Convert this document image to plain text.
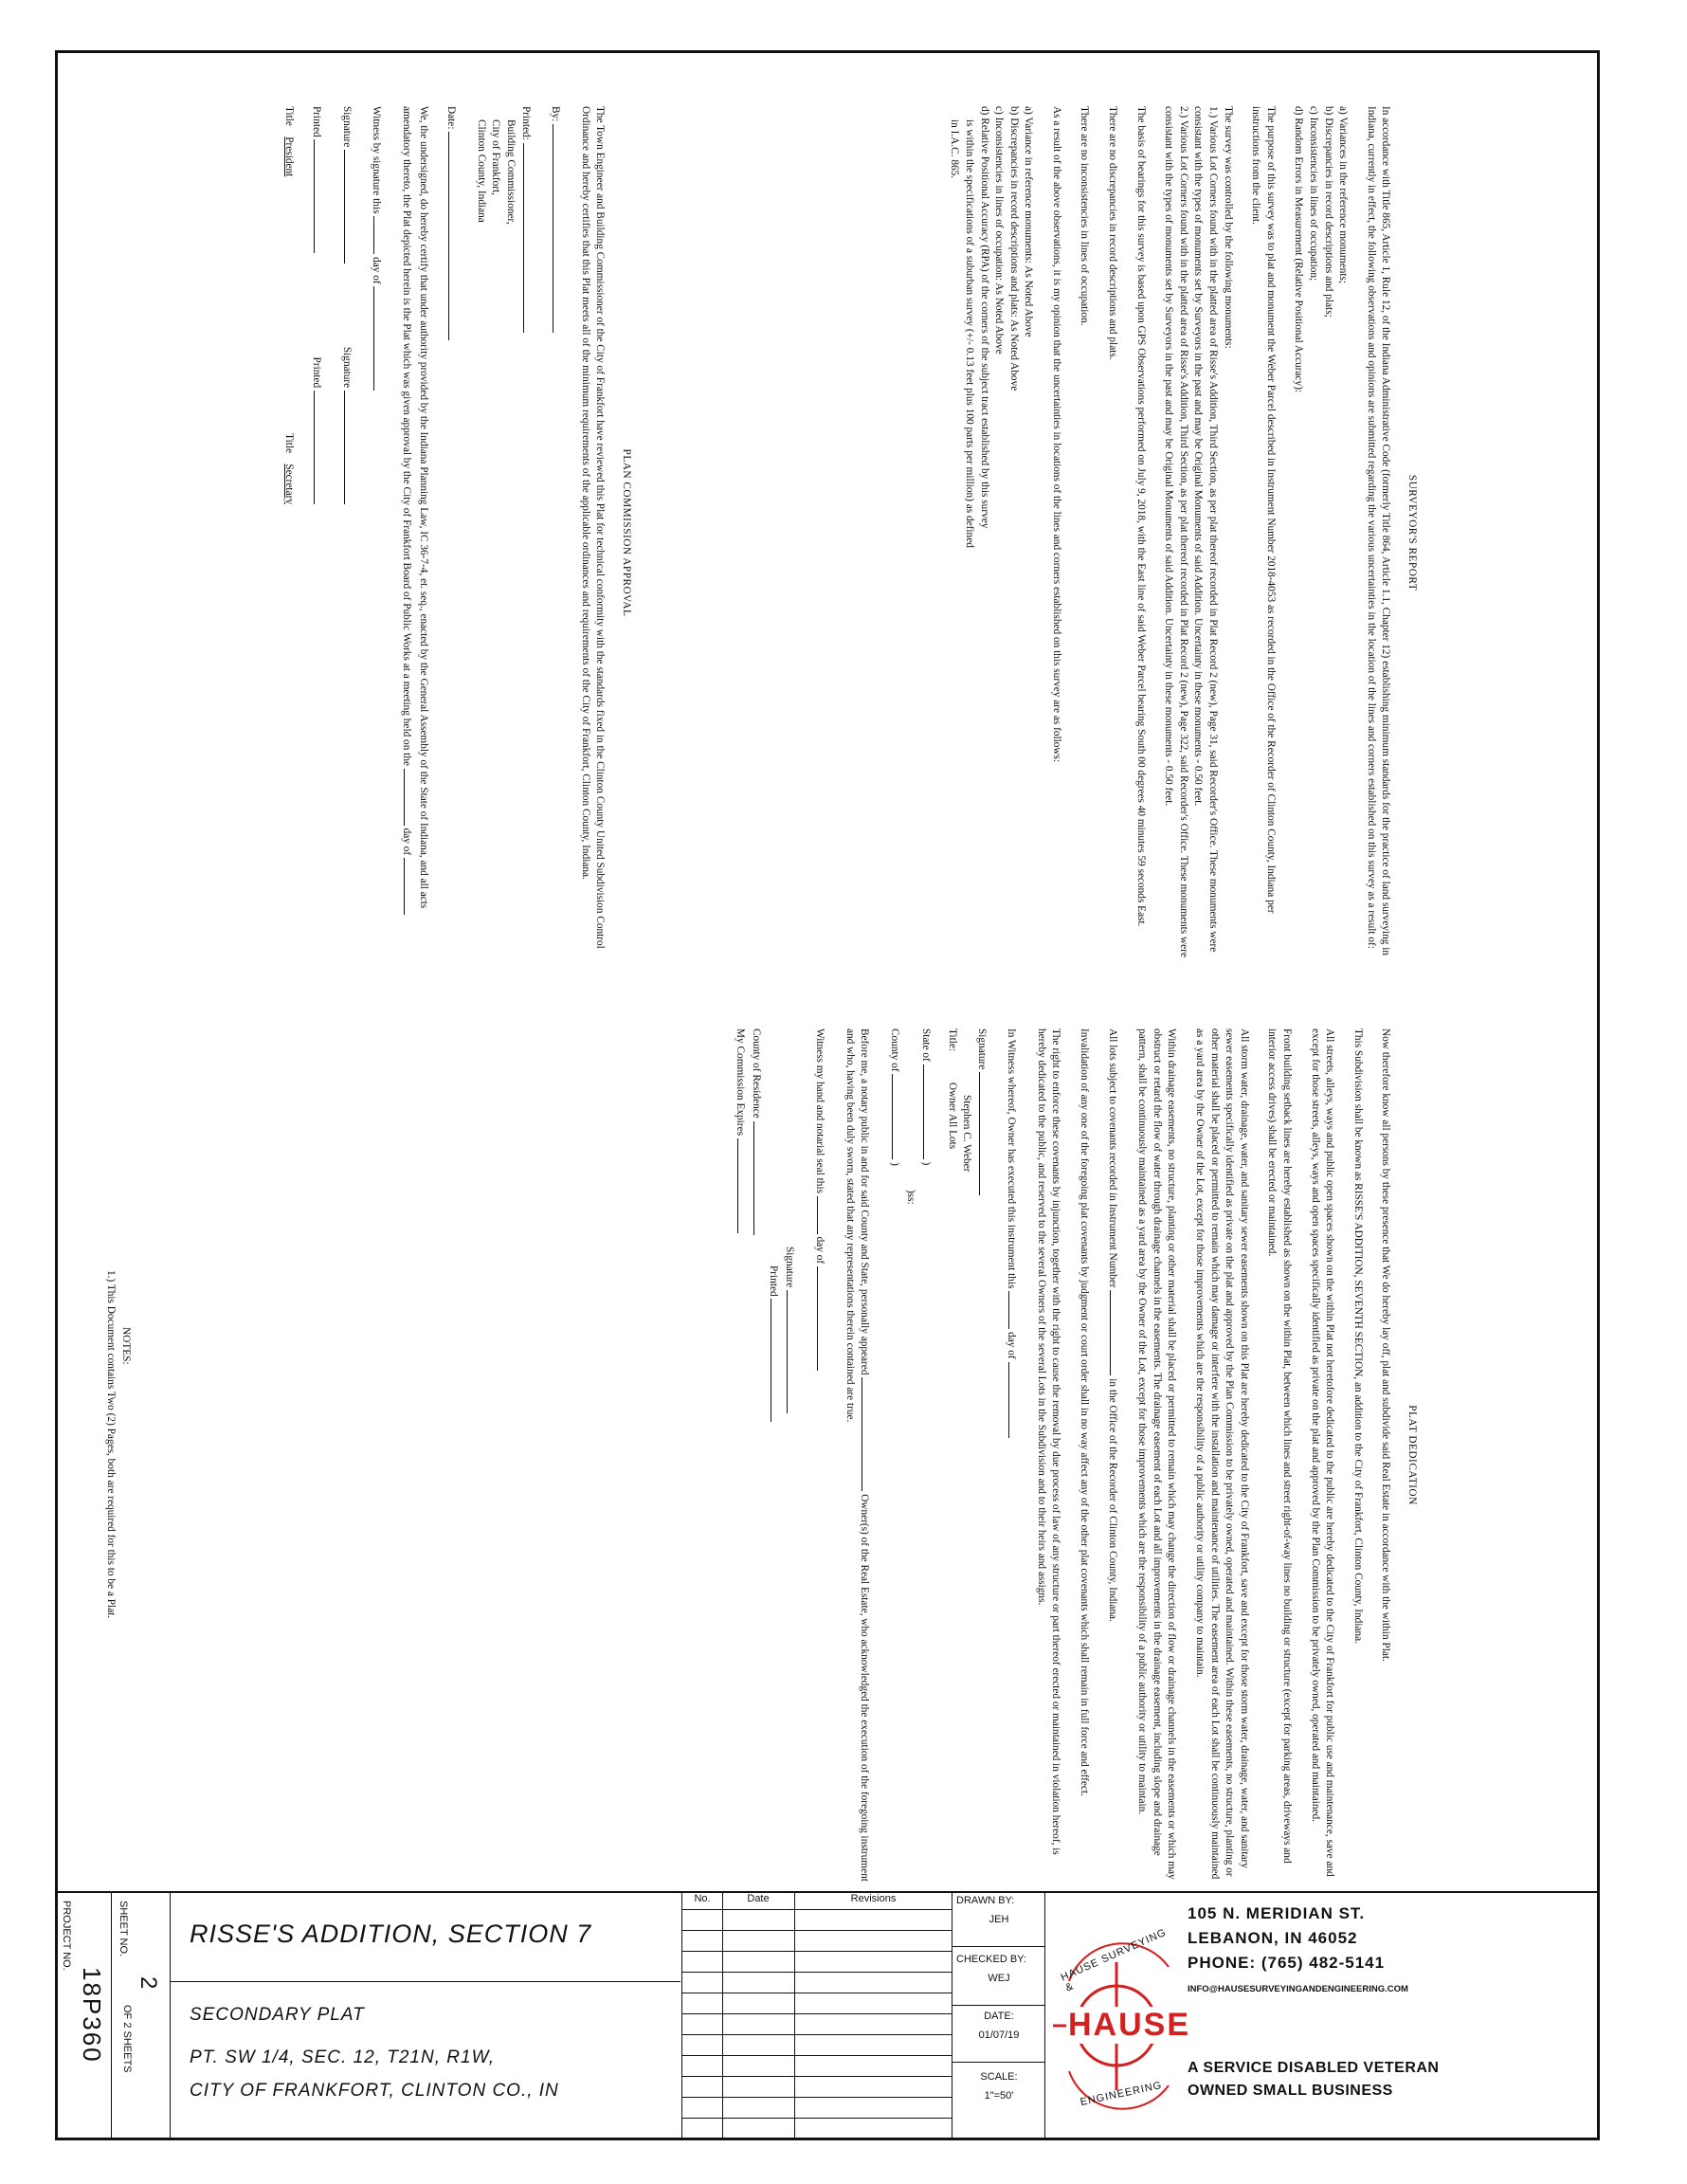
SURVEYOR'S REPORT

In accordance with Title 865, Article 1, Rule 12, of the Indiana Administrative Code (formerly Title 864, Article 1.1, Chapter 12) establishing minimum standards for the practice of land surveying in Indiana, currently in effect, the following observations and opinions are submitted regarding the various uncertainties in the location of the lines and corners established on this survey as a result of:

a) Variances in the reference monuments;
b) Discrepancies in record descriptions and plats;
c) Inconsistencies in lines of occupation;

d) Random Errors in Measurement (Relative Positional Accuracy):

The purpose of this survey was to plat and monument the Weber Parcel described in Instrument Number 2018-4053 as recorded in the Office of the Recorder of Clinton County, Indiana per instructions from the client.

The survey was controlled by the following monuments:
1.) Various Lot Corners found with in the platted area of Risse's Addition, Third Section, as per plat thereof recorded in Plat Record 2 (new), Page 31, said Recorder's Office. These monuments were consistant with the types of monuments set by Surveyors in the past and may be Original Monuments of said Addition. Uncertainty in these monuments - 0.50 feet.

2.) Various Lot Corners found with in the platted area of Risse's Addition, Third Section, as per plat thereof recorded in Plat Record 2 (new), Page 322, said Recorder's Office. These monuments were consistant with the types of monuments set by Surveyors in the past and may be Original Monuments of said Addition. Uncertainty in these monuments - 0.50 feet.

The basis of bearings for this survey is based upon GPS Observations performed on July 9, 2018, with the East line of said Weber Parcel bearing South 00 degrees 40 minutes 59 seconds East.

There are no discrepancies in record descriptions and plats.

There are no inconsistencies in lines of occupation.

As a result of the above observations, it is my opinion that the uncertainties in locations of the lines and corners established on this survey are as follows:

a) Variance in reference monuments: As Noted Above
b) Discrepancies in record descriptions and plats: As Noted Above
c) Inconsistencies in lines of occupation: As Noted Above
d) Relative Positional Accuracy (RPA) of the corners of the subject tract established by this survey
is within the specifications of a suburban survey (+/- 0.13 feet plus 100 parts per million) as defined
in I.A.C. 865.
PLAN COMMISSION APPROVAL

The Town Engineer and Building Commissioner of the City of Frankfort have reviewed this Plat for technical conformity with the standards fixed in the Clinton County United Subdivision Control Ordinance and hereby certifies that this Plat meets all of the minimum requirements of the applicable ordinances and requirements of the City of Frankfort, Clinton County, Indiana.

By:

Printed:
Building Commissioner,
City of Frankfort,

Clinton County, Indiana

Date:

We, the undersigned, do hereby certify that under authority provided by the Indiana Planning Law, IC 36-7-4, et. seq., enacted by the General Assembly of the State of Indiana, and all acts amendatory thereto, the Plat depicted herein is the Plat which was given approval by the City of Frankfort Board of Public Works at a meeting held on the  day of

Witness by signature this  day of

Signature
Signature
Printed
Printed
Title    President
Title    Secretary
PLAT DEDICATION

Now therefore know all persons by these presence that We do hereby lay off, plat and subdivide said Real Estate in accordance with the within Plat.

This Subdivision shall be known as RISSE'S ADDITION, SEVENTH SECTION, an addition to the City of Frankfort, Clinton County, Indiana.

All streets, alleys, ways and public open spaces shown on the within Plat not heretofore dedicated to the public are hereby dedicated to the City of Frankfort for public use and maintenance, save and except for those streets, alleys, ways and open spaces specifically identified as private on the plat and approved by the Plan Commission to be privately owned, operated and maintained.

Front building setback lines are hereby established as shown on the within Plat, between which lines and street right-of-way lines no building or structure (except for parking areas, driveways and interior access drives) shall be erected or maintained.

All storm water, drainage, water, and sanitary sewer easements shown on this Plat are hereby dedicated to the City of Frankfort, save and except for those storm water, drainage, water, and sanitary sewer easements specifically identified as private on the plat and approved by the Plan Commission to be privately owned, operated and maintained. Within these easements, no structure, planting or other material shall be placed or permitted to remain which may damage or interfere with the installation and maintenance of utilities. The easement area of each Lot shall be continuously maintained as a yard area by the Owner of the Lot, except for those improvements which are the responsibility of a public authority or utility company to maintain.

Within drainage easements, no structure, planting or other material shall be placed or permitted to remain which may change the direction of flow or drainage channels in the easements or which may obstruct or retard the flow of water through drainage channels in the easements. The drainage easement of each Lot and all improvements in the drainage easement, including slope and drainage pattern, shall be continuously maintained as a yard area by the Owner of the Lot, except for those improvements which are the responsibility of a public authority or utility to maintain.

All lots subject to covenants recorded in Instrument Number  in the Office of the Recorder of Clinton County, Indiana.

Invalidation of any one of the foregoing plat covenants by judgment or court order shall in no way affect any of the other plat covenants which shall remain in full force and effect.

The right to enforce these covenants by injunction, together with the right to cause the removal by due process of law of any structure or part thereof erected or maintained in violation hereof, is hereby dedicated to the public, and reserved to the several Owners of the several Lots in the Subdivision and to their heirs and assigns.

In Witness whereof, Owner has executed this instrument this  day of

Signature
Stephen C. Weber
Title: Owner All Lots
State of  )
)ss:

County of  )

Before me, a notary public in and for said County and State, personally appeared  Owner(s) of the Real Estate, who acknowledged the execution of the foregoing instrument and who, having been duly sworn, stated that any representations therein contained are true.

Witness my hand and notarial seal this  day of

Signature
Printed
County of Residence
My Commission Expires
NOTES:
1.) This Document contains Two (2) Pages, both are required for this to be a Plat.
PROJECT NO.
18P360
SHEET NO.
2
OF 2 SHEETS
RISSE'S ADDITION, SECTION 7
SECONDARY PLAT
PT. SW 1/4, SEC. 12, T21N, R1W,
CITY OF FRANKFORT, CLINTON CO., IN
No.	Date	Revisions	DRAWN BY:
JEH
CHECKED BY:
WEJ
DATE:
01/07/19
SCALE:
1"=50'
HAUSE SURVEYING &
HAUSE
ENGINEERING
105 N. MERIDIAN ST.
LEBANON, IN 46052
PHONE: (765) 482-5141
INFO@HAUSESURVEYINGANDENGINEERING.COM
A SERVICE DISABLED VETERAN
OWNED SMALL BUSINESS
